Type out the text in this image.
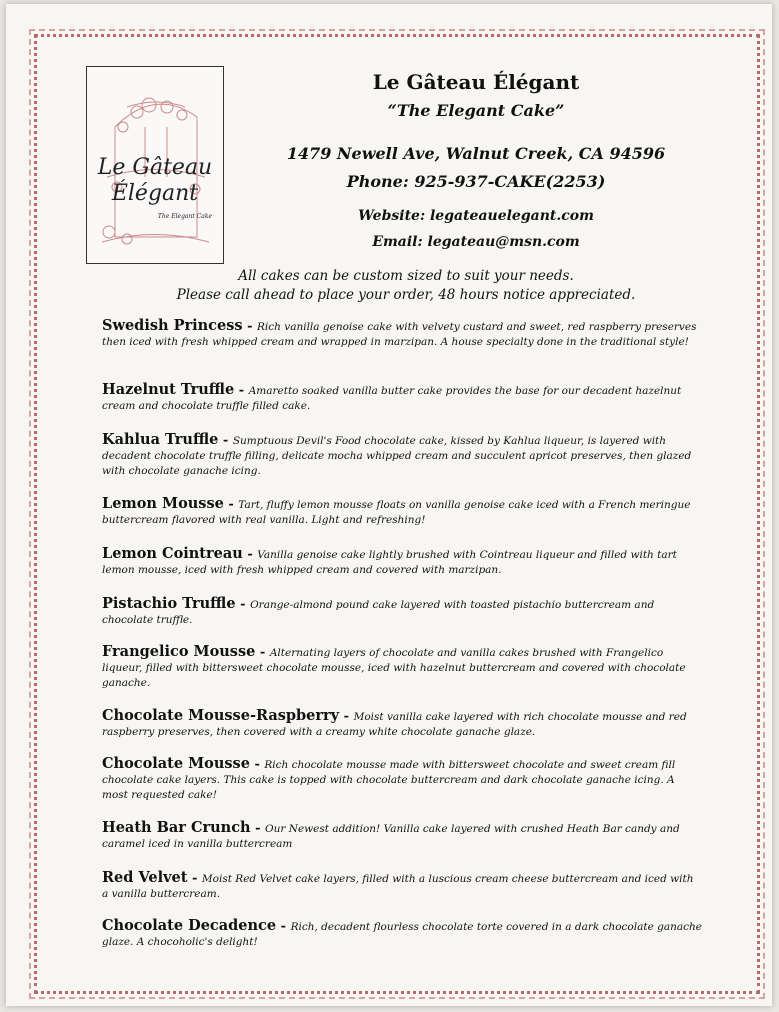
Le Gâteau
Élégant
The Elegant Cake
Le Gâteau Élégant
“The Elegant Cake”
1479 Newell Ave, Walnut Creek, CA 94596
Phone: 925-937-CAKE(2253)
Website: legateauelegant.com
Email: legateau@msn.com
All cakes can be custom sized to suit your needs.
Please call ahead to place your order, 48 hours notice appreciated.
Swedish Princess - Rich vanilla genoise cake with velvety custard and sweet, red raspberry preserves then iced with fresh whipped cream and wrapped in marzipan. A house specialty done in the traditional style!
Hazelnut Truffle - Amaretto soaked vanilla butter cake provides the base for our decadent hazelnut cream and chocolate truffle filled cake.
Kahlua Truffle - Sumptuous Devil's Food chocolate cake, kissed by Kahlua liqueur, is layered with decadent chocolate truffle filling, delicate mocha whipped cream and succulent apricot preserves, then glazed with chocolate ganache icing.
Lemon Mousse - Tart, fluffy lemon mousse floats on vanilla genoise cake iced with a French meringue buttercream flavored with real vanilla. Light and refreshing!
Lemon Cointreau - Vanilla genoise cake lightly brushed with Cointreau liqueur and filled with tart lemon mousse, iced with fresh whipped cream and covered with marzipan.
Pistachio Truffle - Orange-almond pound cake layered with toasted pistachio buttercream and chocolate truffle.
Frangelico Mousse - Alternating layers of chocolate and vanilla cakes brushed with Frangelico liqueur, filled with bittersweet chocolate mousse, iced with hazelnut buttercream and covered with chocolate ganache.
Chocolate Mousse-Raspberry - Moist vanilla cake layered with rich chocolate mousse and red raspberry preserves, then covered with a creamy white chocolate ganache glaze.
Chocolate Mousse - Rich chocolate mousse made with bittersweet chocolate and sweet cream fill chocolate cake layers. This cake is topped with chocolate buttercream and dark chocolate ganache icing. A most requested cake!
Heath Bar Crunch - Our Newest addition! Vanilla cake layered with crushed Heath Bar candy and caramel iced in vanilla buttercream
Red Velvet - Moist Red Velvet cake layers, filled with a luscious cream cheese buttercream and iced with a vanilla buttercream.
Chocolate Decadence - Rich, decadent flourless chocolate torte covered in a dark chocolate ganache glaze. A chocoholic's delight!
